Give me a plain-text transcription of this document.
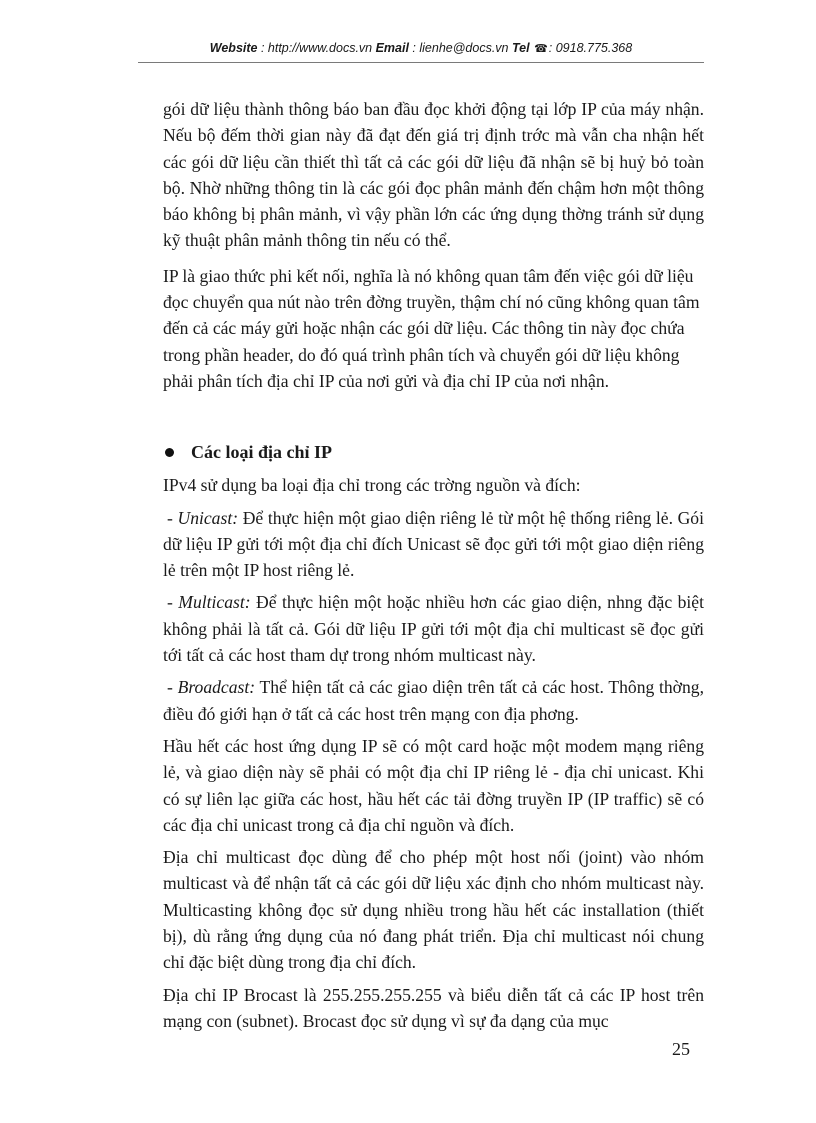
Website : http://www.docs.vn Email : lienhe@docs.vn Tel ☎: 0918.775.368

gói dữ liệu thành thông báo ban đầu đọc khởi động tại lớp IP của máy nhận. Nếu bộ đếm thời gian này đã đạt đến giá trị định trớc mà vẫn cha nhận hết các gói dữ liệu cần thiết thì tất cả các gói dữ liệu đã nhận sẽ bị huỷ bỏ toàn bộ. Nhờ những thông tin là các gói đọc phân mảnh đến chậm hơn một thông báo không bị phân mảnh, vì vậy phần lớn các ứng dụng thờng tránh sử dụng kỹ thuật phân mảnh thông tin nếu có thể.

IP là giao thức phi kết nối, nghĩa là nó không quan tâm đến việc gói dữ liệu đọc chuyển qua nút nào trên đờng truyền, thậm chí nó cũng không quan tâm đến cả các máy gửi hoặc nhận các gói dữ liệu. Các thông tin này đọc chứa trong phần header, do đó quá trình phân tích và chuyển gói dữ liệu không phải phân tích địa chỉ IP của nơi gửi và địa chỉ IP của nơi nhận.

Các loại địa chỉ IP

IPv4 sử dụng ba loại địa chỉ trong các trờng nguồn và đích:

- Unicast: Để thực hiện một giao diện riêng lẻ từ một hệ thống riêng lẻ. Gói dữ liệu IP gửi tới một địa chỉ đích Unicast sẽ đọc gửi tới một giao diện riêng lẻ trên một IP host riêng lẻ.

- Multicast: Để thực hiện một hoặc nhiều hơn các giao diện, nhng đặc biệt không phải là tất cả. Gói dữ liệu IP gửi tới một địa chỉ multicast sẽ đọc gửi tới tất cả các host tham dự trong nhóm multicast này.

- Broadcast: Thể hiện tất cả các giao diện trên tất cả các host. Thông thờng, điều đó giới hạn ở tất cả các host trên mạng con địa phơng.

Hầu hết các host ứng dụng IP sẽ có một card hoặc một modem mạng riêng lẻ, và giao diện này sẽ phải có một địa chỉ IP riêng lẻ - địa chỉ unicast. Khi có sự liên lạc giữa các host, hầu hết các tải đờng truyền IP (IP traffic) sẽ có các địa chỉ unicast trong cả địa chỉ nguồn và đích.

Địa chỉ multicast đọc dùng để cho phép một host nối (joint) vào nhóm multicast và để nhận tất cả các gói dữ liệu xác định cho nhóm multicast này. Multicasting không đọc sử dụng nhiều trong hầu hết các installation (thiết bị), dù rằng ứng dụng của nó đang phát triển. Địa chỉ multicast nói chung chỉ đặc biệt dùng trong địa chỉ đích.

Địa chỉ IP Brocast là 255.255.255.255 và biểu diễn tất cả các IP host trên mạng con (subnet). Brocast đọc sử dụng vì sự đa dạng của mục

25
